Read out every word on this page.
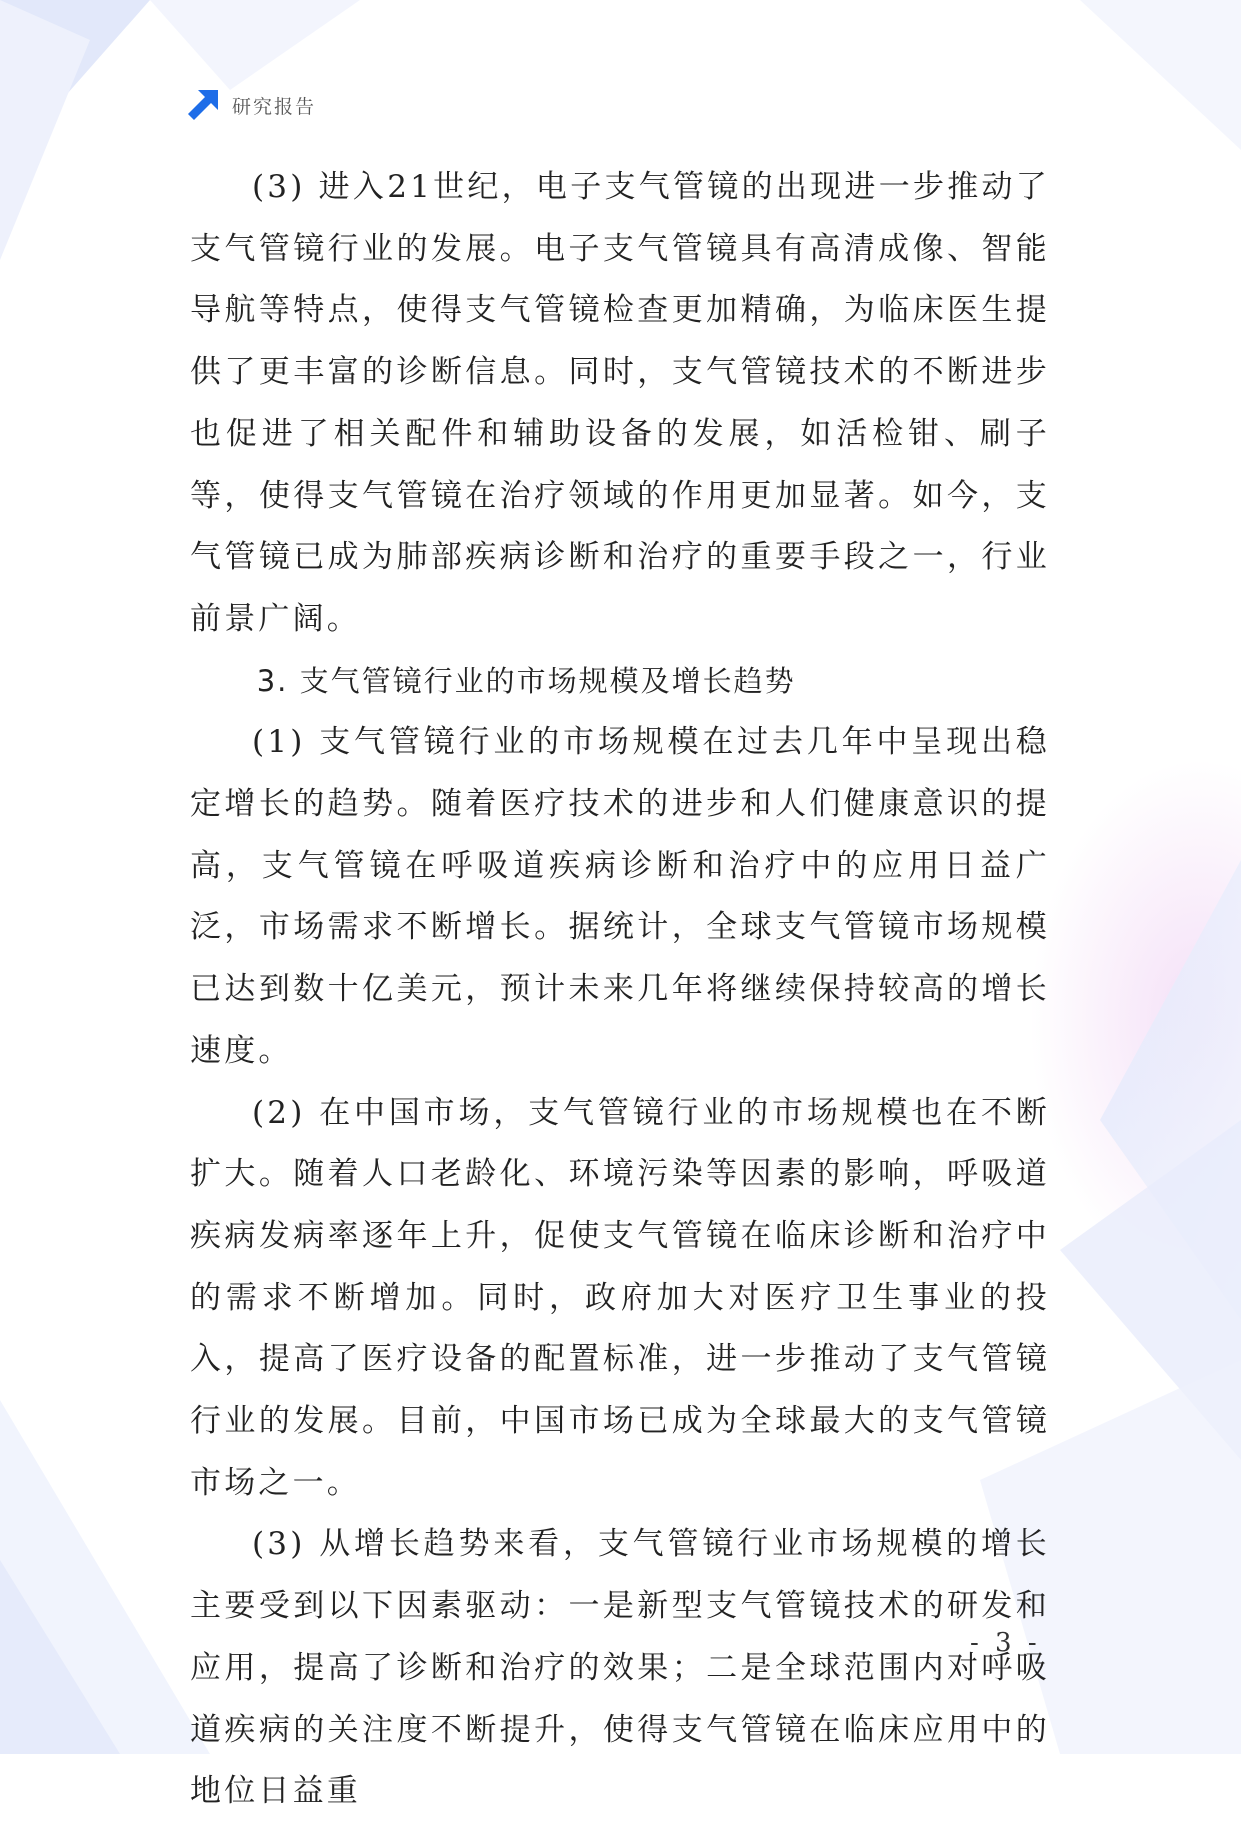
研究报告

(3) 进入21世纪，电子支气管镜的出现进一步推动了支气管镜行业的发展。电子支气管镜具有高清成像、智能导航等特点，使得支气管镜检查更加精确，为临床医生提供了更丰富的诊断信息。同时，支气管镜技术的不断进步也促进了相关配件和辅助设备的发展，如活检钳、刷子等，使得支气管镜在治疗领域的作用更加显著。如今，支气管镜已成为肺部疾病诊断和治疗的重要手段之一，行业前景广阔。

3. 支气管镜行业的市场规模及增长趋势

(1) 支气管镜行业的市场规模在过去几年中呈现出稳定增长的趋势。随着医疗技术的进步和人们健康意识的提高，支气管镜在呼吸道疾病诊断和治疗中的应用日益广泛，市场需求不断增长。据统计，全球支气管镜市场规模已达到数十亿美元，预计未来几年将继续保持较高的增长速度。

(2) 在中国市场，支气管镜行业的市场规模也在不断扩大。随着人口老龄化、环境污染等因素的影响，呼吸道疾病发病率逐年上升，促使支气管镜在临床诊断和治疗中的需求不断增加。同时，政府加大对医疗卫生事业的投入，提高了医疗设备的配置标准，进一步推动了支气管镜行业的发展。目前，中国市场已成为全球最大的支气管镜市场之一。

(3) 从增长趋势来看，支气管镜行业市场规模的增长主要受到以下因素驱动：一是新型支气管镜技术的研发和应用，提高了诊断和治疗的效果；二是全球范围内对呼吸道疾病的关注度不断提升，使得支气管镜在临床应用中的地位日益重

- 3 -
